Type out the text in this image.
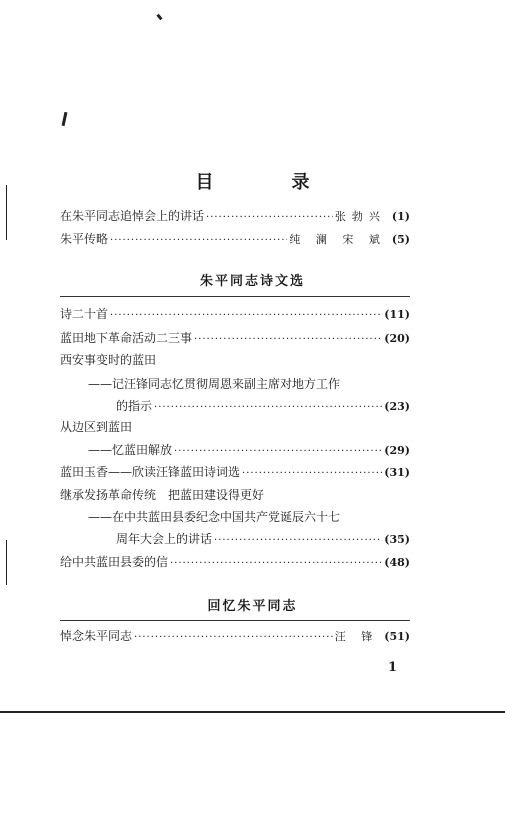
目　录
在朱平同志追悼会上的讲话 ·····	张勃兴 (1)
朱平传略 ·····	纯 澜 宋 斌 (5)
朱平同志诗文选
诗二十首 ·····	(11)
蓝田地下革命活动二三事 ·····	(20)
西安事变时的蓝田
——记汪锋同志忆贯彻周恩来副主席对地方工作
的指示 ·····	(23)
从边区到蓝田
——忆蓝田解放 ·····	(29)
蓝田玉香——欣读汪锋蓝田诗词选 ·····	(31)
继承发扬革命传统　把蓝田建设得更好
——在中共蓝田县委纪念中国共产党诞辰六十七
周年大会上的讲话 ·····	(35)
给中共蓝田县委的信 ·····	(48)
回忆朱平同志
悼念朱平同志 ·····	汪 锋 (51)
1
